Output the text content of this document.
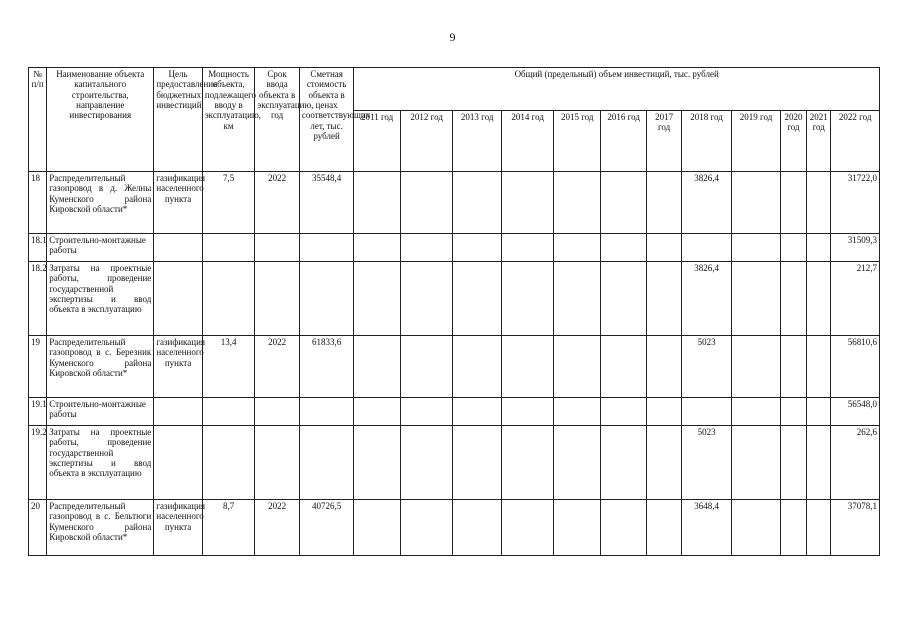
9
№ п/п	Наименование объекта капитального строительства, направление инвестирования	Цель предоставления бюджетных инвестиций	Мощность объекта, подлежащего вводу в эксплуатацию, км	Срок ввода объекта в эксплуатацию, год	Сметная стоимость объекта в ценах соответствующих лет, тыс. рублей	Общий (предельный) объем инвестиций, тыс. рублей											
						2011 год	2012 год	2013 год	2014 год	2015 год	2016 год	2017 год	2018 год	2019 год	2020 год	2021 год	2022 год
18	Распределительный газопровод в д. Желны Куменского района Кировской области*	газификация населенного пункта	7,5	2022	35548,4								3826,4				31722,0
18.1	Строительно-монтажные работы																31509,3
18.2	Затраты на проектные работы, проведение государственной экспертизы и ввод объекта в эксплуатацию												3826,4				212,7
19	Распределительный газопровод в с. Березник Куменского района Кировской области*	газификация населенного пункта	13,4	2022	61833,6								5023				56810,6
19.1	Строительно-монтажные работы																56548,0
19.2	Затраты на проектные работы, проведение государственной экспертизы и ввод объекта в эксплуатацию												5023				262,6
20	Распределительный газопровод в с. Бельтюги Куменского района Кировской области*	газификация населенного пункта	8,7	2022	40726,5								3648,4				37078,1
